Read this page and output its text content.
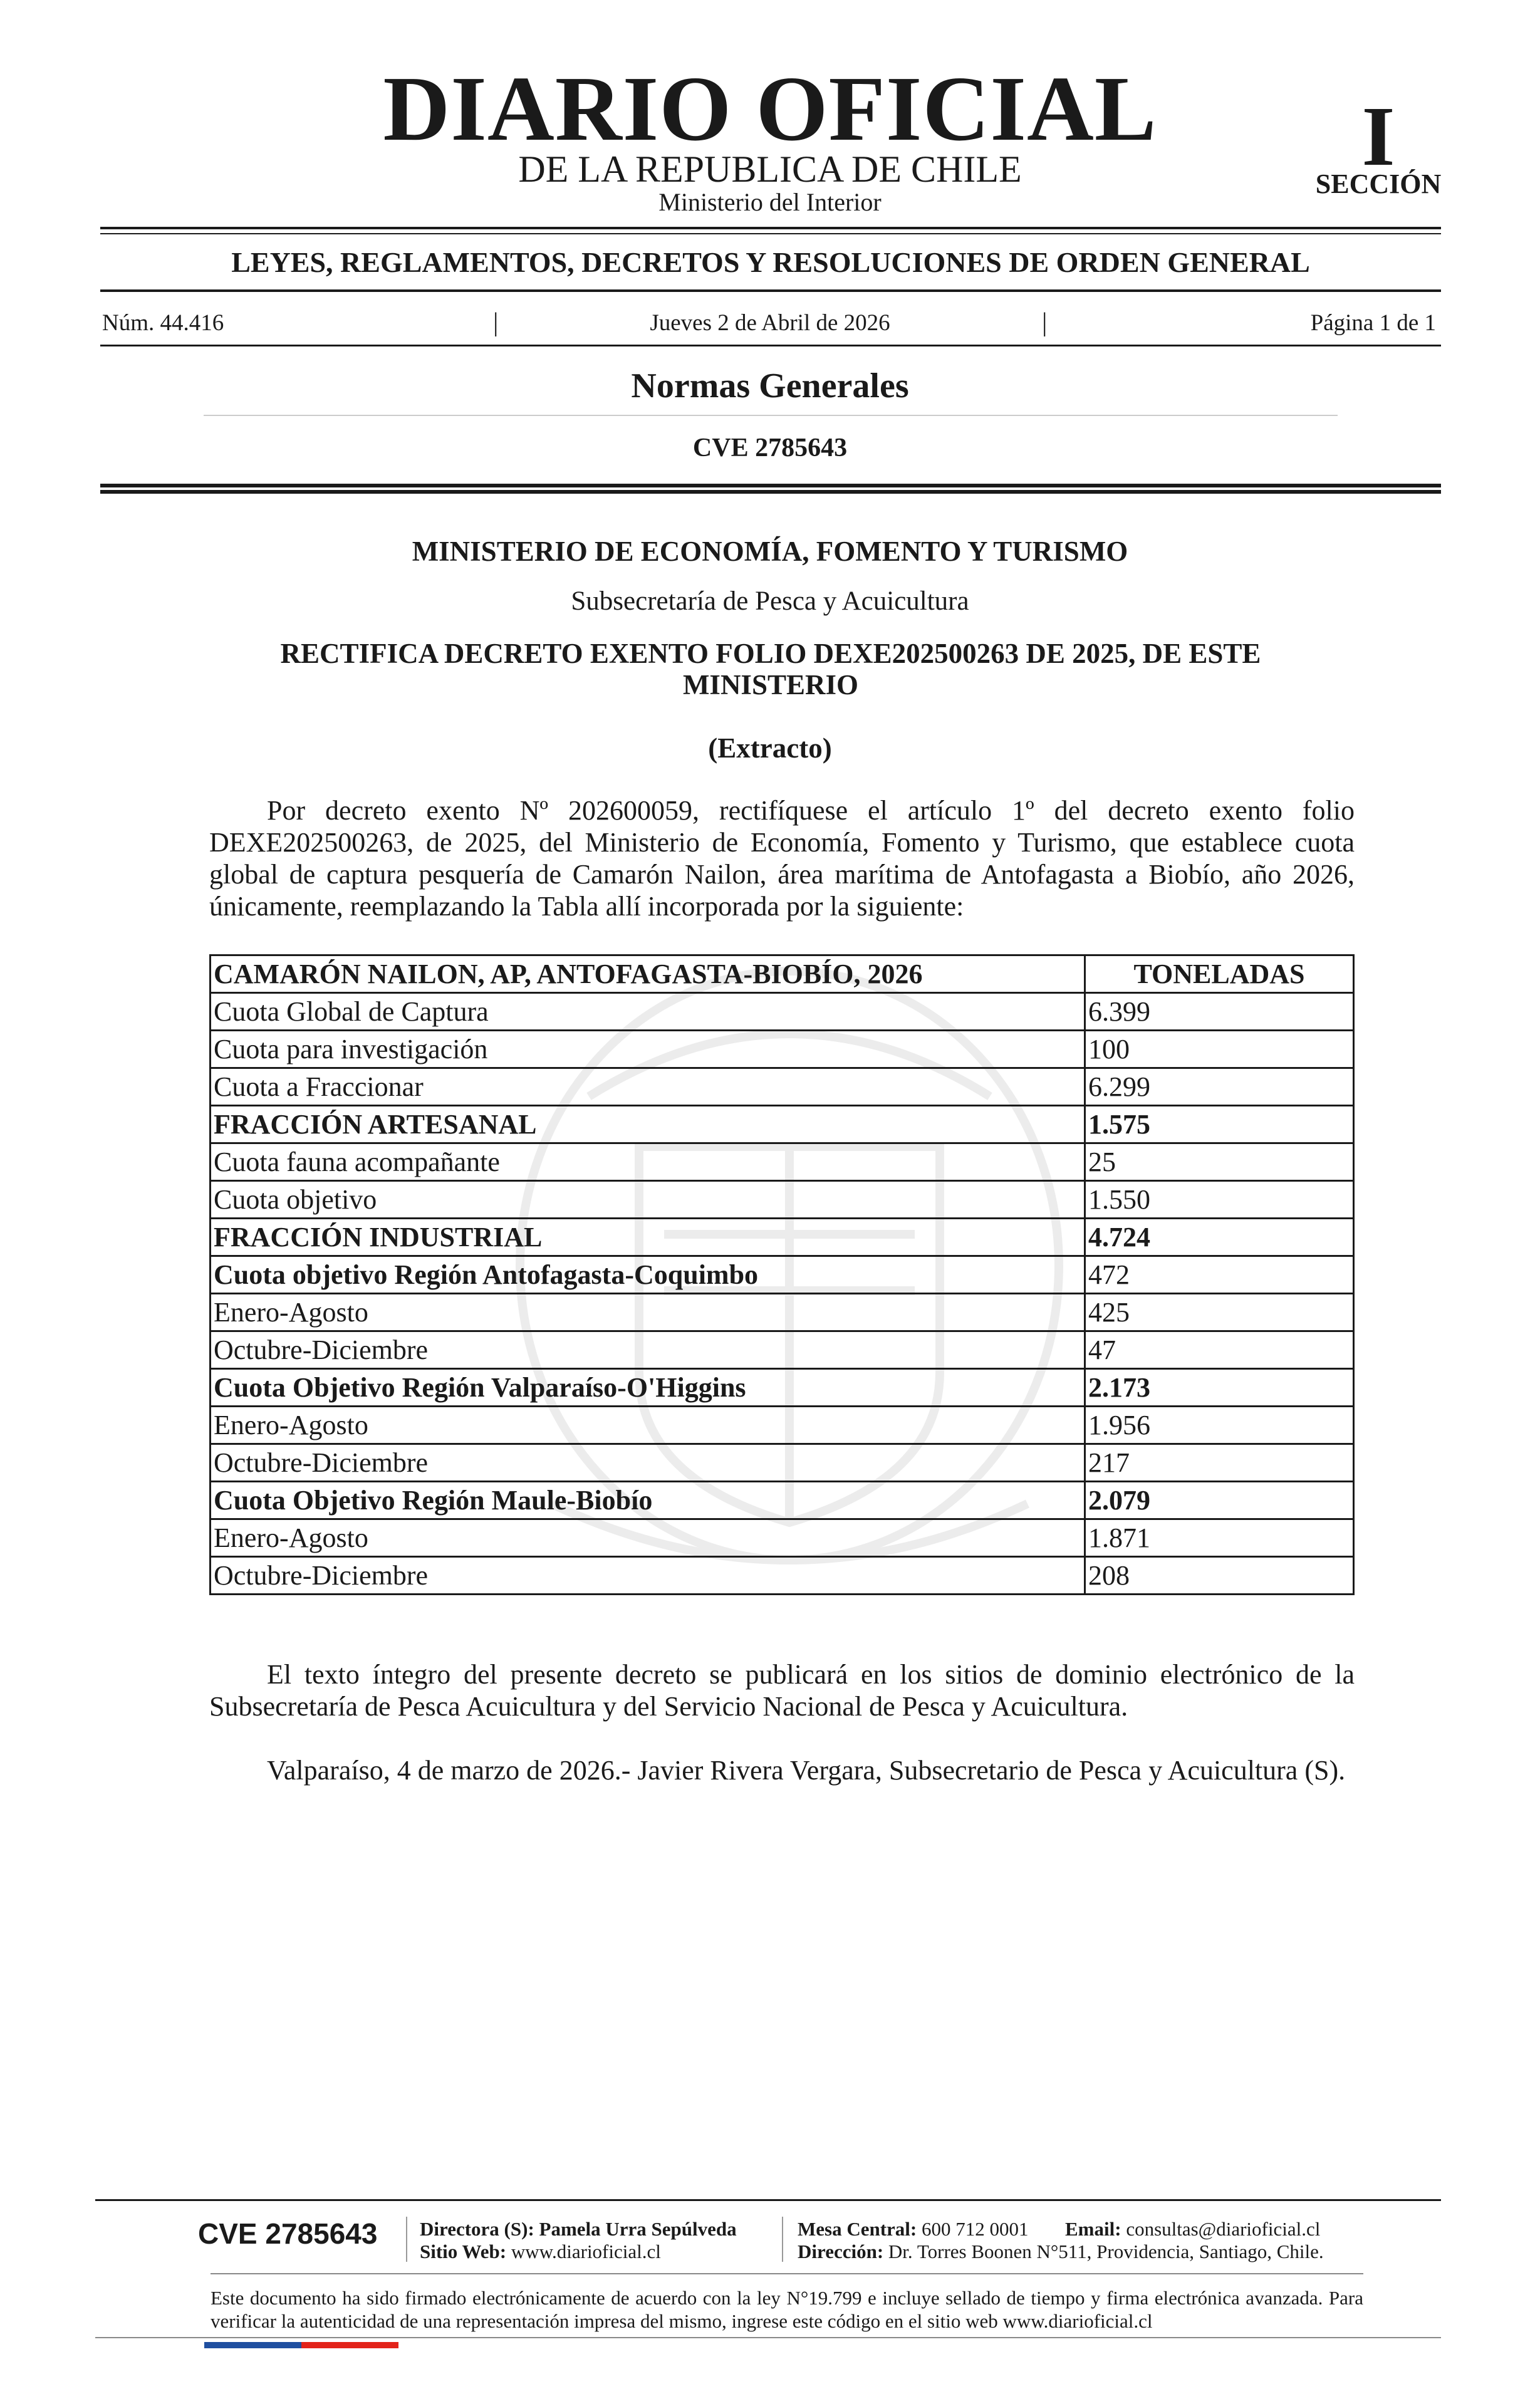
DIARIO OFICIAL
DE LA REPUBLICA DE CHILE
Ministerio del Interior
I
SECCIÓN
LEYES, REGLAMENTOS, DECRETOS Y RESOLUCIONES DE ORDEN GENERAL
Núm. 44.416	|	Jueves 2 de Abril de 2026	|	Página 1 de 1
Normas Generales
CVE 2785643
MINISTERIO DE ECONOMÍA, FOMENTO Y TURISMO
Subsecretaría de Pesca y Acuicultura
RECTIFICA DECRETO EXENTO FOLIO DEXE202500263 DE 2025, DE ESTE MINISTERIO
(Extracto)

Por decreto exento Nº 202600059, rectifíquese el artículo 1º del decreto exento folio DEXE202500263, de 2025, del Ministerio de Economía, Fomento y Turismo, que establece cuota global de captura pesquería de Camarón Nailon, área marítima de Antofagasta a Biobío, año 2026, únicamente, reemplazando la Tabla allí incorporada por la siguiente:

CAMARÓN NAILON, AP, ANTOFAGASTA-BIOBÍO, 2026	TONELADAS
Cuota Global de Captura	6.399
Cuota para investigación	100
Cuota a Fraccionar	6.299
FRACCIÓN ARTESANAL	1.575
Cuota fauna acompañante	25
Cuota objetivo	1.550
FRACCIÓN INDUSTRIAL	4.724
Cuota objetivo Región Antofagasta-Coquimbo	472
Enero-Agosto	425
Octubre-Diciembre	47
Cuota Objetivo Región Valparaíso-O'Higgins	2.173
Enero-Agosto	1.956
Octubre-Diciembre	217
Cuota Objetivo Región Maule-Biobío	2.079
Enero-Agosto	1.871
Octubre-Diciembre	208

El texto íntegro del presente decreto se publicará en los sitios de dominio electrónico de la Subsecretaría de Pesca Acuicultura y del Servicio Nacional de Pesca y Acuicultura.

Valparaíso, 4 de marzo de 2026.- Javier Rivera Vergara, Subsecretario de Pesca y Acuicultura (S).

CVE 2785643 Directora (S): Pamela Urra Sepúlveda
Sitio Web: www.diarioficial.cl
Mesa Central: 600 712 0001 Email: consultas@diarioficial.cl
Dirección: Dr. Torres Boonen N°511, Providencia, Santiago, Chile.

Este documento ha sido firmado electrónicamente de acuerdo con la ley N°19.799 e incluye sellado de tiempo y firma electrónica avanzada. Para verificar la autenticidad de una representación impresa del mismo, ingrese este código en el sitio web www.diarioficial.cl
